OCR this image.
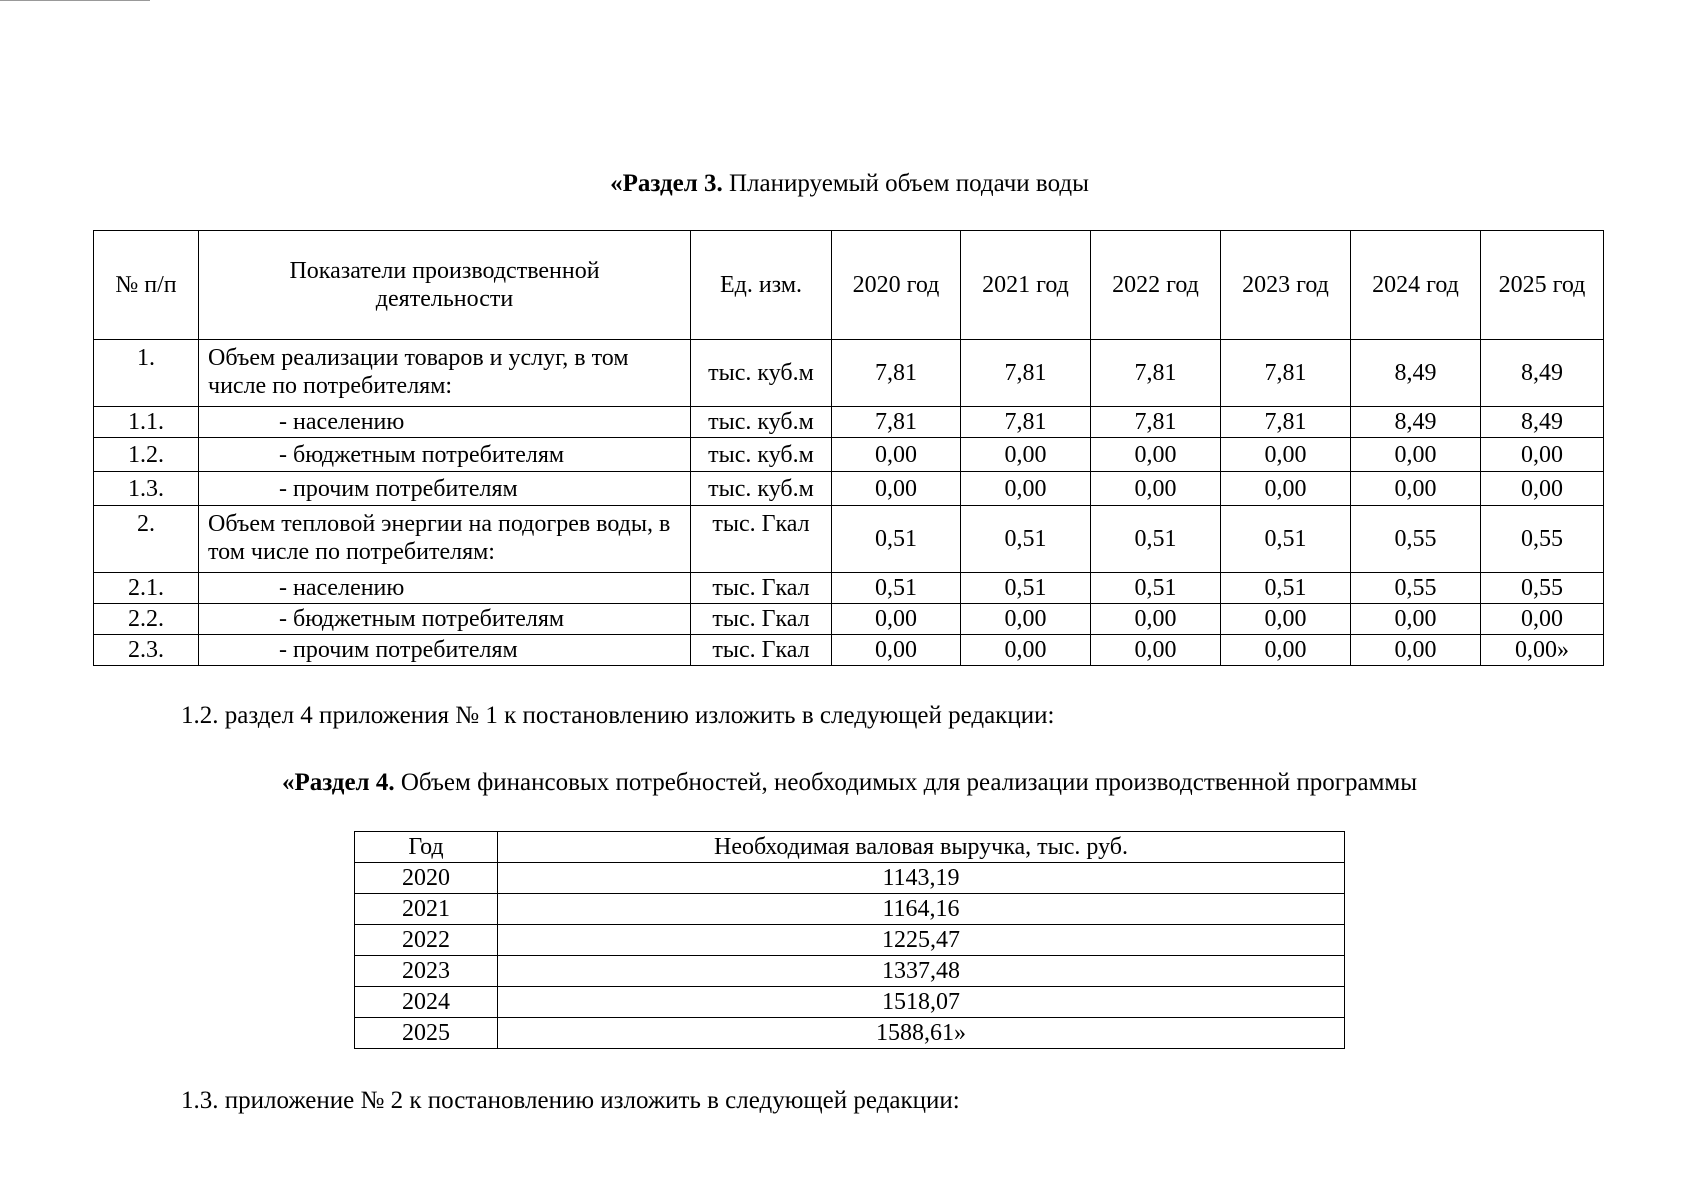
«Раздел 3. Планируемый объем подачи воды
№ п/п	Показатели производственной деятельности	Ед. изм.	2020 год	2021 год	2022 год	2023 год	2024 год	2025 год
1.	Объем реализации товаров и услуг, в том числе по потребителям:	тыс. куб.м	7,81	7,81	7,81	7,81	8,49	8,49
1.1.	- населению	тыс. куб.м	7,81	7,81	7,81	7,81	8,49	8,49
1.2.	- бюджетным потребителям	тыс. куб.м	0,00	0,00	0,00	0,00	0,00	0,00
1.3.	- прочим потребителям	тыс. куб.м	0,00	0,00	0,00	0,00	0,00	0,00
2.	Объем тепловой энергии на подогрев воды, в том числе по потребителям:	тыс. Гкал	0,51	0,51	0,51	0,51	0,55	0,55
2.1.	- населению	тыс. Гкал	0,51	0,51	0,51	0,51	0,55	0,55
2.2.	- бюджетным потребителям	тыс. Гкал	0,00	0,00	0,00	0,00	0,00	0,00
2.3.	- прочим потребителям	тыс. Гкал	0,00	0,00	0,00	0,00	0,00	0,00»
1.2. раздел 4 приложения № 1 к постановлению изложить в следующей редакции:
«Раздел 4. Объем финансовых потребностей, необходимых для реализации производственной программы
Год	Необходимая валовая выручка, тыс. руб.
2020	1143,19
2021	1164,16
2022	1225,47
2023	1337,48
2024	1518,07
2025	1588,61»
1.3. приложение № 2 к постановлению изложить в следующей редакции:
